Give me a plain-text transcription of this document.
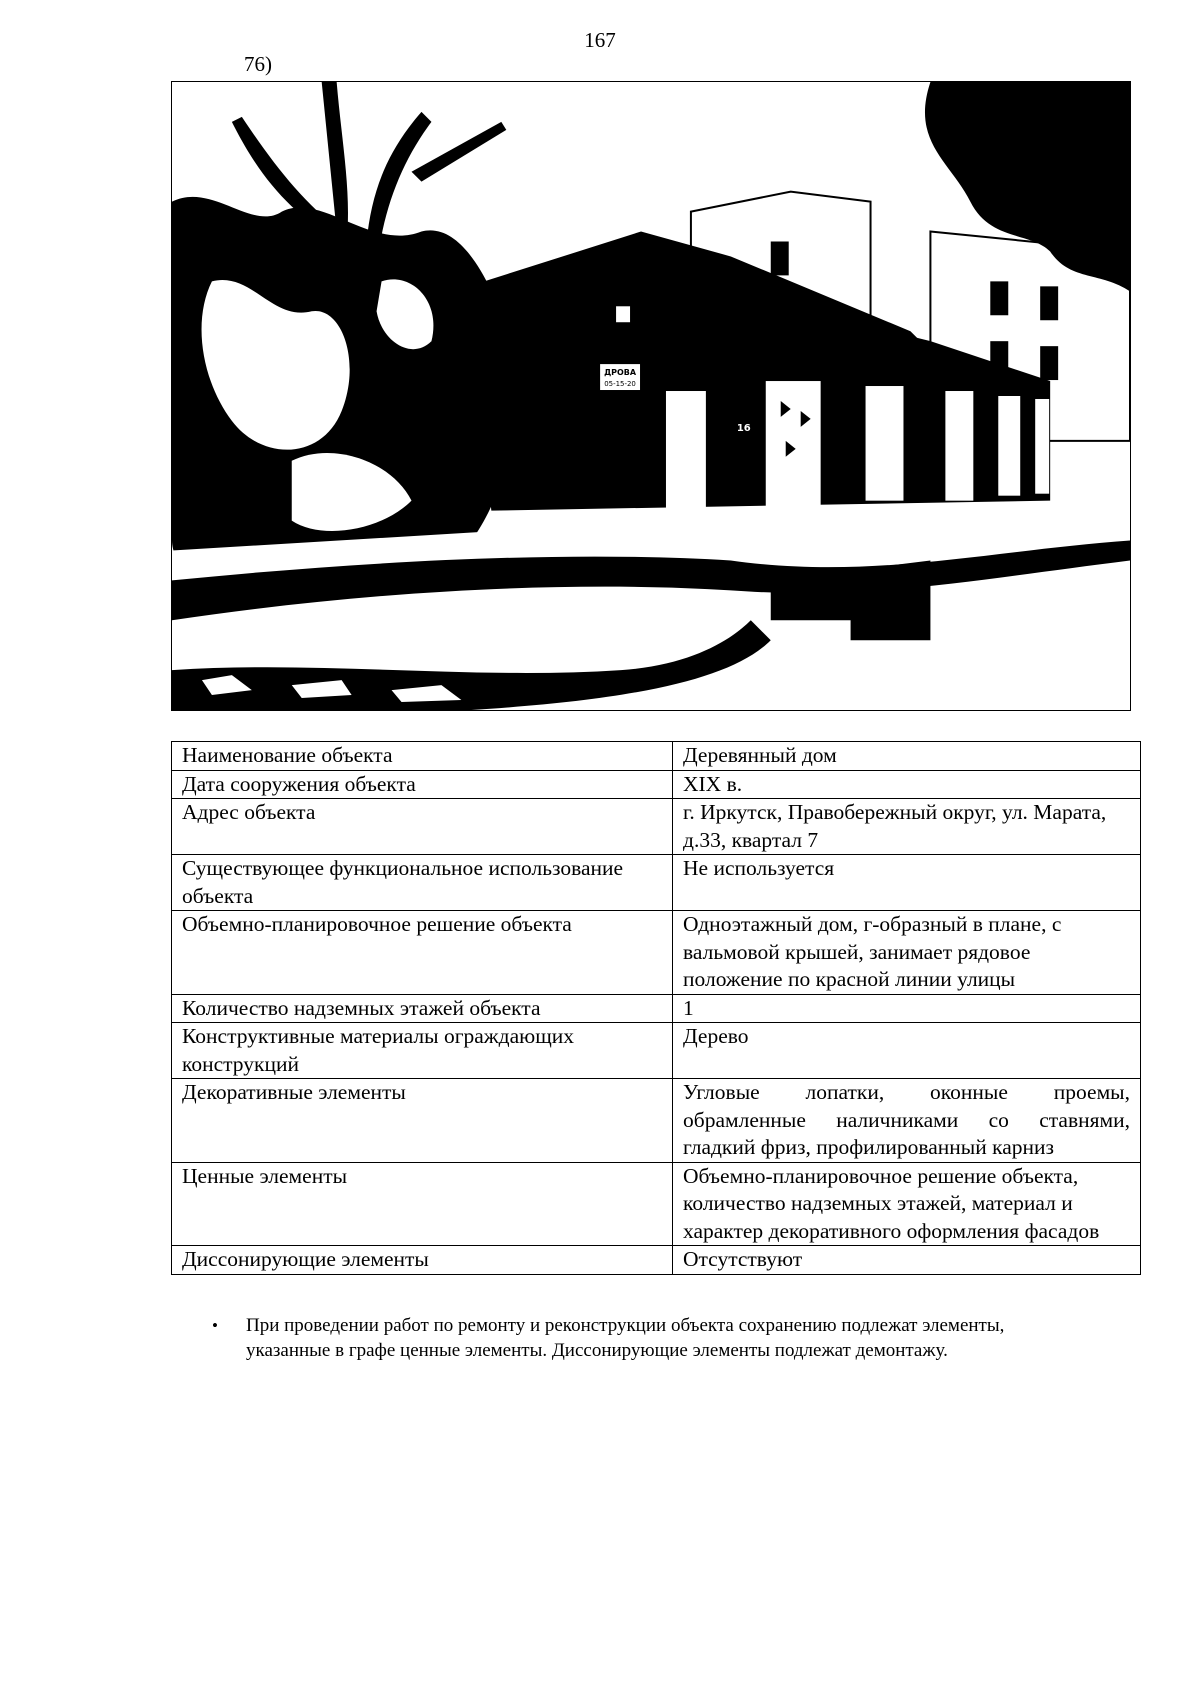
167
76)
ДРОВА
05-15-20
16
Наименование объекта	Деревянный дом
Дата сооружения объекта	XIX в.
Адрес объекта	г. Иркутск, Правобережный округ, ул. Марата, д.33, квартал 7
Существующее функциональное использование объекта	Не используется
Объемно-планировочное решение объекта	Одноэтажный дом, г-образный в плане, с вальмовой крышей, занимает рядовое положение по красной линии улицы
Количество надземных этажей объекта	1
Конструктивные материалы ограждающих конструкций	Дерево
Декоративные элементы	Угловые лопатки, оконные проемы, обрамленные наличниками со ставнями, гладкий фриз, профилированный карниз
Ценные элементы	Объемно-планировочное решение объекта, количество надземных этажей, материал и характер декоративного оформления фасадов
Диссонирующие элементы	Отсутствуют
• При проведении работ по ремонту и реконструкции объекта сохранению подлежат элементы, указанные в графе ценные элементы. Диссонирующие элементы подлежат демонтажу.
